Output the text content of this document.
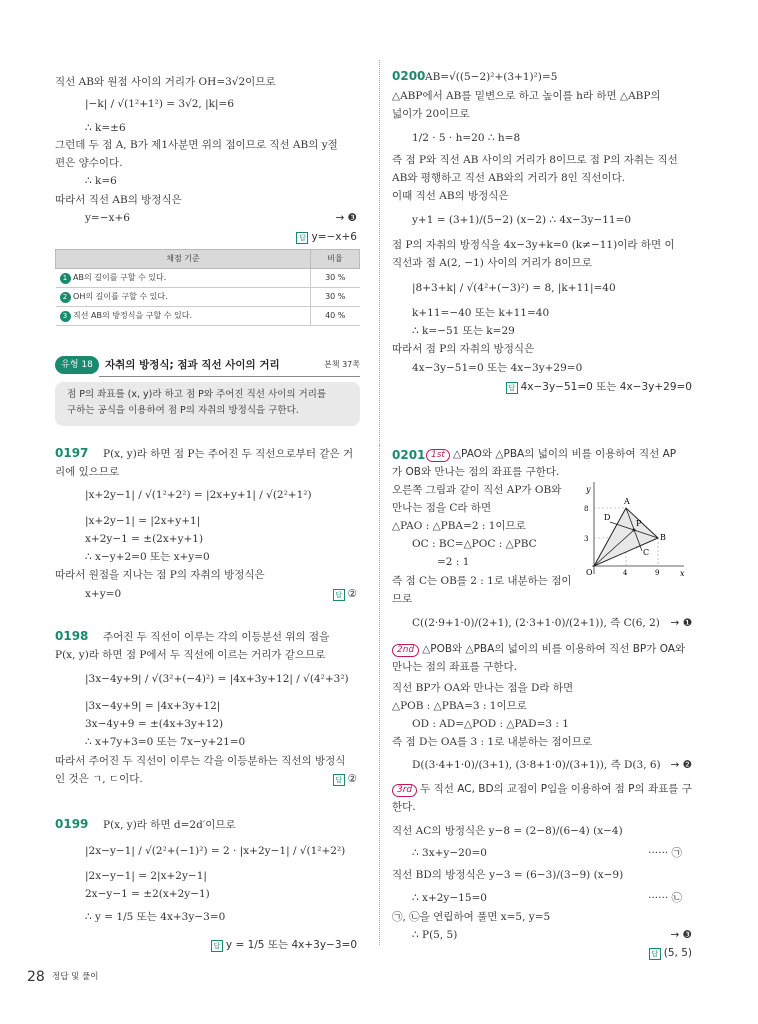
직선 AB와 원점 사이의 거리가 OH=3√2이므로
|−k| / √(1²+1²) = 3√2, |k|=6
∴ k=±6
그런데 두 점 A, B가 제1사분면 위의 점이므로 직선 AB의 y절
편은 양수이다.
∴ k=6
따라서 직선 AB의 방정식은
y=−x+6
P(x, y)라 하면 점 P는 주어진 두 직선으로부터 같은 거
리에 있으므로
|x+2y−1| / √(1²+2²) = |2x+y+1| / √(2²+1²)
|x+2y−1| = |2x+y+1|
x+2y−1 = ±(2x+y+1)
∴ x−y+2=0 또는 x+y=0
따라서 원점을 지나는 점 P의 자취의 방정식은
x+y=0
주어진 두 직선이 이루는 각의 이등분선 위의 점을
P(x, y)라 하면 점 P에서 두 직선에 이르는 거리가 같으므로
|3x−4y+9| / √(3²+(−4)²) = |4x+3y+12| / √(4²+3²)
|3x−4y+9| = |4x+3y+12|
3x−4y+9 = ±(4x+3y+12)
∴ x+7y+3=0 또는 7x−y+21=0
따라서 주어진 두 직선이 이루는 각을 이등분하는 직선의 방정식
인 것은 ㄱ, ㄷ이다.
P(x, y)라 하면 d=2d′이므로
|2x−y−1| / √(2²+(−1)²) = 2 · |x+2y−1| / √(1²+2²)
|2x−y−1| = 2|x+2y−1|
2x−y−1 = ±2(x+2y−1)
∴ y = 1/5 또는 4x+3y−3=0
→ ❸
답 y=−x+6
채점 기준	비율
1 AB의 길이를 구할 수 있다.	30 %
2 OH의 길이를 구할 수 있다.	30 %
3 직선 AB의 방정식을 구할 수 있다.	40 %
유형 18	자취의 방정식; 점과 직선 사이의 거리	본책 37쪽
점 P의 좌표를 (x, y)라 하고 점 P와 주어진 직선 사이의 거리를
구하는 공식을 이용하여 점 P의 자취의 방정식을 구한다.
0197
답 ②
0198
답 ②
0199
답 y = 1/5 또는 4x+3y−3=0
0200 AB=√((5−2)²+(3+1)²)=5
△ABP에서 AB를 밑변으로 하고 높이를 h라 하면 △ABP의
넓이가 20이므로
1/2 · 5 · h=20 ∴ h=8
즉 점 P와 직선 AB 사이의 거리가 8이므로 점 P의 자취는 직선
AB와 평행하고 직선 AB와의 거리가 8인 직선이다.
이때 직선 AB의 방정식은
y+1 = (3+1)/(5−2) (x−2) ∴ 4x−3y−11=0
점 P의 자취의 방정식을 4x−3y+k=0 (k≠−11)이라 하면 이
직선과 점 A(2, −1) 사이의 거리가 8이므로
|8+3+k| / √(4²+(−3)²) = 8, |k+11|=40
k+11=−40 또는 k+11=40
∴ k=−51 또는 k=29
따라서 점 P의 자취의 방정식은
4x−3y−51=0 또는 4x−3y+29=0
답 4x−3y−51=0 또는 4x−3y+29=0
0201 1st △PAO와 △PBA의 넓이의 비를 이용하여 직선 AP
가 OB와 만나는 점의 좌표를 구한다.
오른쪽 그림과 같이 직선 AP가 OB와
만나는 점을 C라 하면
△PAO : △PBA=2 : 1이므로
OC : BC=△POC : △PBC
=2 : 1
즉 점 C는 OB를 2 : 1로 내분하는 점이
므로
C((2·9+1·0)/(2+1), (2·3+1·0)/(2+1)), 즉 C(6, 2) → ❶
2nd △POB와 △PBA의 넓이의 비를 이용하여 직선 BP가 OA와
만나는 점의 좌표를 구한다.
직선 BP가 OA와 만나는 점을 D라 하면
△POB : △PBA=3 : 1이므로
OD : AD=△POD : △PAD=3 : 1
즉 점 D는 OA를 3 : 1로 내분하는 점이므로
D((3·4+1·0)/(3+1), (3·8+1·0)/(3+1)), 즉 D(3, 6) → ❷
3rd 두 직선 AC, BD의 교점이 P임을 이용하여 점 P의 좌표를 구
한다.
직선 AC의 방정식은 y−8 = (2−8)/(6−4) (x−4)
∴ 3x+y−20=0
직선 BD의 방정식은 y−3 = (6−3)/(3−9) (x−9)
∴ x+2y−15=0
㉠, ㉡을 연립하여 풀면 x=5, y=5
∴ P(5, 5)
······ ㉠
······ ㉡
→ ❸
답 (5, 5)
y
x
O
A
B
C
D
P
8
3
4	9
28 정답 및 풀이
